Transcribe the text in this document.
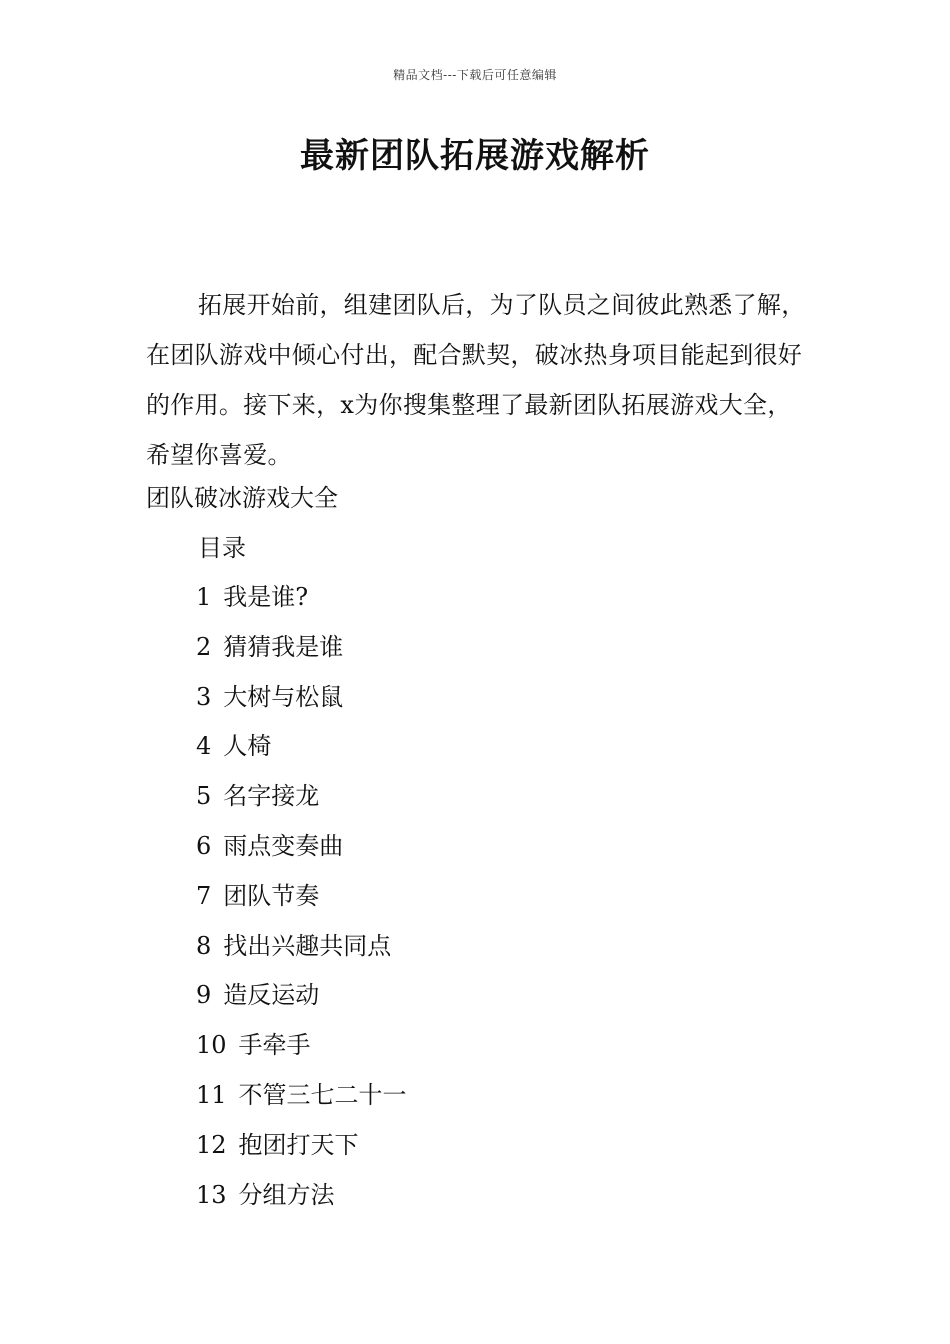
精品文档---下载后可任意编辑
最新团队拓展游戏解析

拓展开始前，组建团队后，为了队员之间彼此熟悉了解，在团队游戏中倾心付出，配合默契，破冰热身项目能起到很好的作用。接下来，x为你搜集整理了最新团队拓展游戏大全，希望你喜爱。

团队破冰游戏大全

目录

1 我是谁?
2 猜猜我是谁
3 大树与松鼠
4 人椅
5 名字接龙
6 雨点变奏曲
7 团队节奏
8 找出兴趣共同点
9 造反运动
10 手牵手
11 不管三七二十一
12 抱团打天下
13 分组方法
